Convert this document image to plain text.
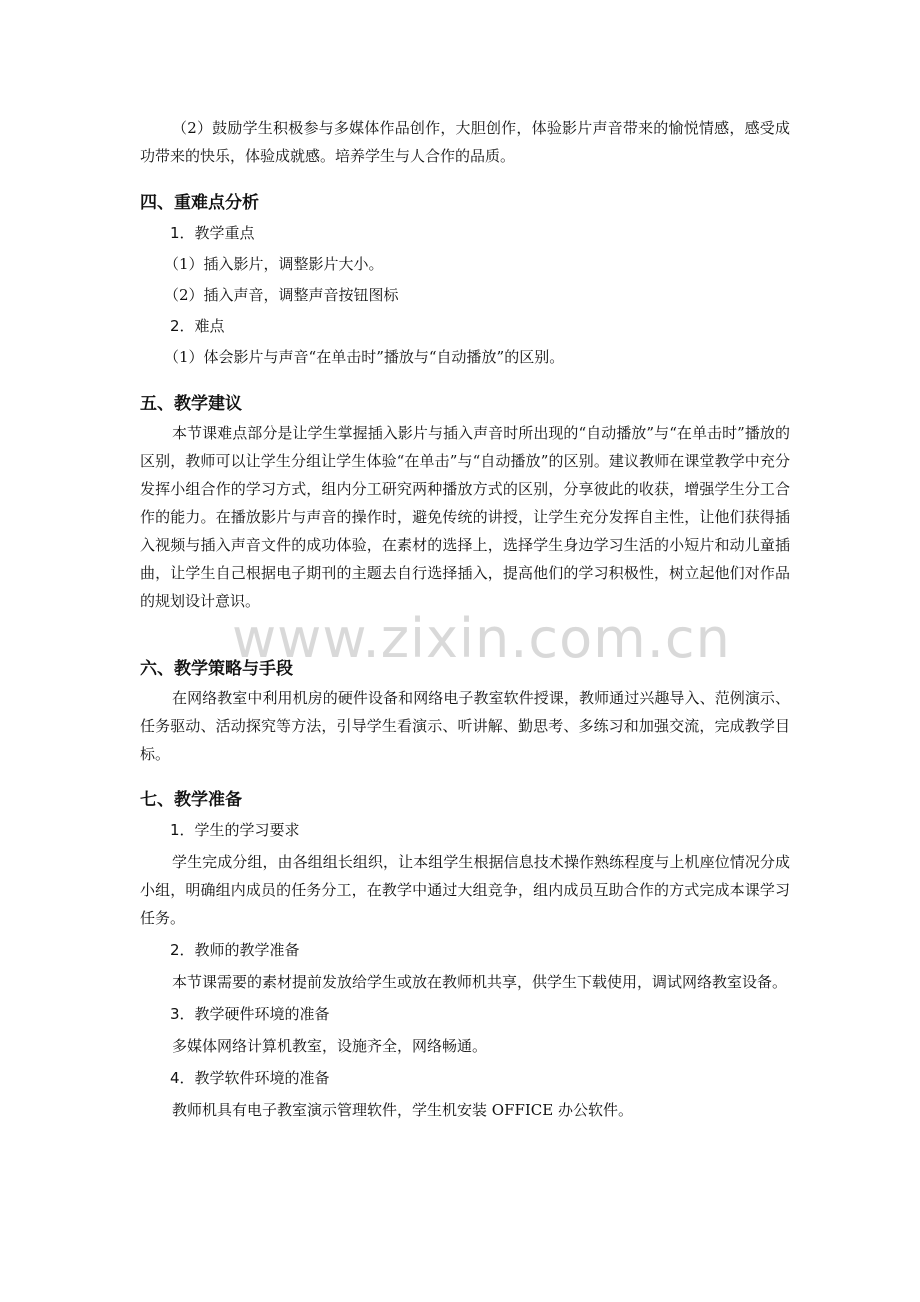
（2）鼓励学生积极参与多媒体作品创作，大胆创作，体验影片声音带来的愉悦情感，感受成功带来的快乐，体验成就感。培养学生与人合作的品质。

四、重难点分析

1．教学重点

（1）插入影片，调整影片大小。

（2）插入声音，调整声音按钮图标

2．难点

（1）体会影片与声音“在单击时”播放与“自动播放”的区别。

五、教学建议

本节课难点部分是让学生掌握插入影片与插入声音时所出现的“自动播放”与“在单击时”播放的区别，教师可以让学生分组让学生体验“在单击”与“自动播放”的区别。建议教师在课堂教学中充分发挥小组合作的学习方式，组内分工研究两种播放方式的区别，分享彼此的收获，增强学生分工合作的能力。在播放影片与声音的操作时，避免传统的讲授，让学生充分发挥自主性，让他们获得插入视频与插入声音文件的成功体验，在素材的选择上，选择学生身边学习生活的小短片和动儿童插曲，让学生自己根据电子期刊的主题去自行选择插入，提高他们的学习积极性，树立起他们对作品的规划设计意识。

www.zixin.com.cn

六、教学策略与手段

在网络教室中利用机房的硬件设备和网络电子教室软件授课，教师通过兴趣导入、范例演示、任务驱动、活动探究等方法，引导学生看演示、听讲解、勤思考、多练习和加强交流，完成教学目标。

七、教学准备

1．学生的学习要求

学生完成分组，由各组组长组织，让本组学生根据信息技术操作熟练程度与上机座位情况分成小组，明确组内成员的任务分工，在教学中通过大组竞争，组内成员互助合作的方式完成本课学习任务。

2．教师的教学准备

本节课需要的素材提前发放给学生或放在教师机共享，供学生下载使用，调试网络教室设备。

3．教学硬件环境的准备

多媒体网络计算机教室，设施齐全，网络畅通。

4．教学软件环境的准备

教师机具有电子教室演示管理软件，学生机安装 OFFICE 办公软件。
